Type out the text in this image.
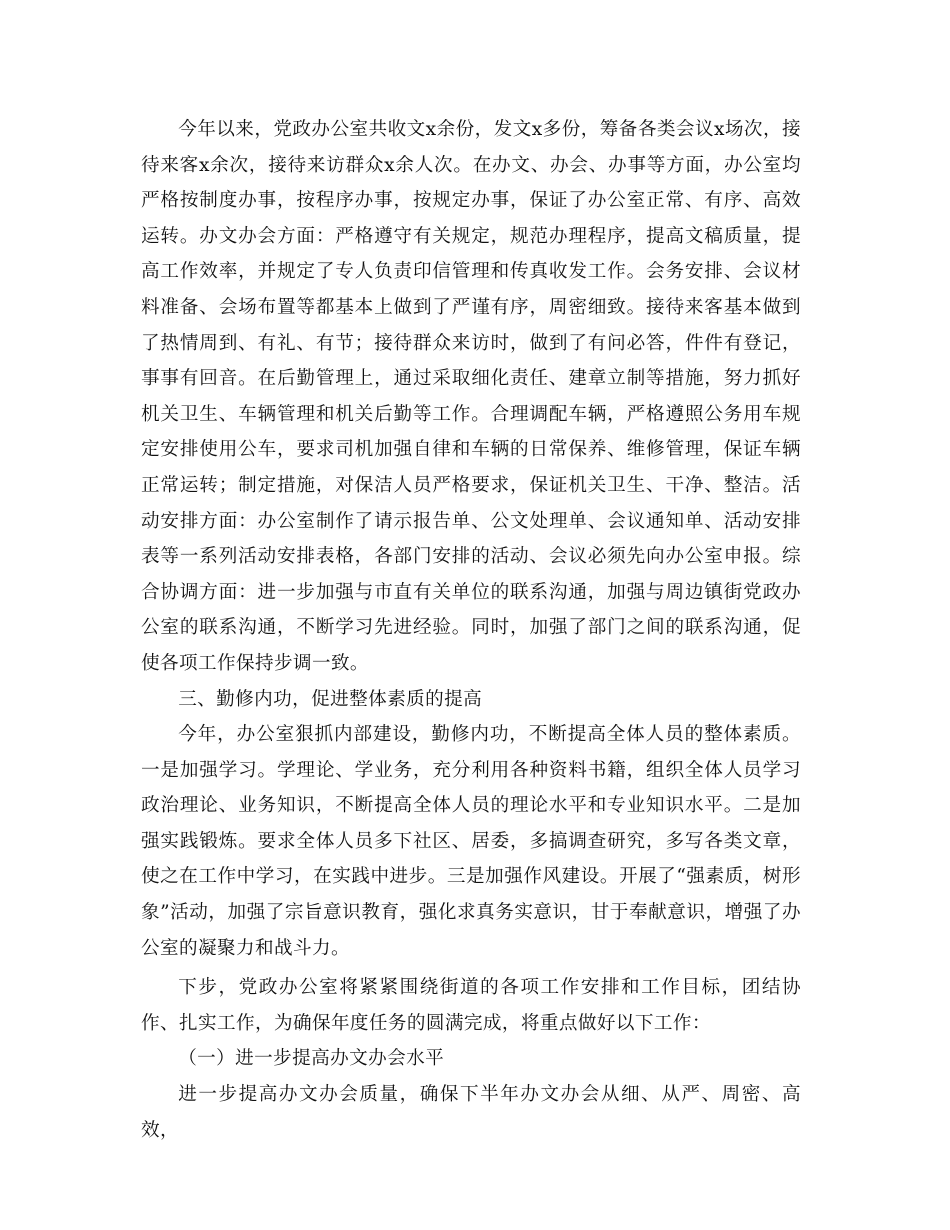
今年以来，党政办公室共收文x余份，发文x多份，筹备各类会议x场次，接待来客x余次，接待来访群众x余人次。在办文、办会、办事等方面，办公室均严格按制度办事，按程序办事，按规定办事，保证了办公室正常、有序、高效运转。办文办会方面：严格遵守有关规定，规范办理程序，提高文稿质量，提高工作效率，并规定了专人负责印信管理和传真收发工作。会务安排、会议材料准备、会场布置等都基本上做到了严谨有序，周密细致。接待来客基本做到了热情周到、有礼、有节；接待群众来访时，做到了有问必答，件件有登记，事事有回音。在后勤管理上，通过采取细化责任、建章立制等措施，努力抓好机关卫生、车辆管理和机关后勤等工作。合理调配车辆，严格遵照公务用车规定安排使用公车，要求司机加强自律和车辆的日常保养、维修管理，保证车辆正常运转；制定措施，对保洁人员严格要求，保证机关卫生、干净、整洁。活动安排方面：办公室制作了请示报告单、公文处理单、会议通知单、活动安排表等一系列活动安排表格，各部门安排的活动、会议必须先向办公室申报。综合协调方面：进一步加强与市直有关单位的联系沟通，加强与周边镇街党政办公室的联系沟通，不断学习先进经验。同时，加强了部门之间的联系沟通，促使各项工作保持步调一致。

三、勤修内功，促进整体素质的提高

今年，办公室狠抓内部建设，勤修内功，不断提高全体人员的整体素质。一是加强学习。学理论、学业务，充分利用各种资料书籍，组织全体人员学习政治理论、业务知识，不断提高全体人员的理论水平和专业知识水平。二是加强实践锻炼。要求全体人员多下社区、居委，多搞调查研究，多写各类文章，使之在工作中学习，在实践中进步。三是加强作风建设。开展了“强素质，树形象”活动，加强了宗旨意识教育，强化求真务实意识，甘于奉献意识，增强了办公室的凝聚力和战斗力。

下步，党政办公室将紧紧围绕街道的各项工作安排和工作目标，团结协作、扎实工作，为确保年度任务的圆满完成，将重点做好以下工作：

（一）进一步提高办文办会水平

进一步提高办文办会质量，确保下半年办文办会从细、从严、周密、高效，
